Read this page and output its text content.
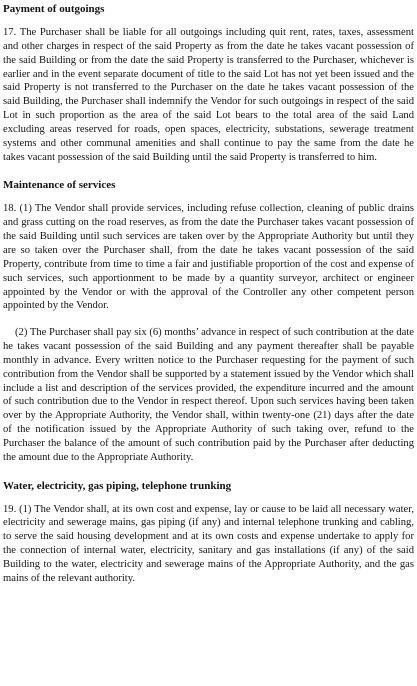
Payment of outgoings

17. The Purchaser shall be liable for all outgoings including quit rent, rates, taxes, assessment and other charges in respect of the said Property as from the date he takes vacant possession of the said Building or from the date the said Property is transferred to the Purchaser, whichever is earlier and in the event separate document of title to the said Lot has not yet been issued and the said Property is not transferred to the Purchaser on the date he takes vacant possession of the said Building, the Purchaser shall indemnify the Vendor for such outgoings in respect of the said Lot in such proportion as the area of the said Lot bears to the total area of the said Land excluding areas reserved for roads, open spaces, electricity, substations, sewerage treatment systems and other communal amenities and shall continue to pay the same from the date he takes vacant possession of the said Building until the said Property is transferred to him.

Maintenance of services

18. (1) The Vendor shall provide services, including refuse collection, cleaning of public drains and grass cutting on the road reserves, as from the date the Purchaser takes vacant possession of the said Building until such services are taken over by the Appropriate Authority but until they are so taken over the Purchaser shall, from the date he takes vacant possession of the said Property, contribute from time to time a fair and justifiable proportion of the cost and expense of such services, such apportionment to be made by a quantity surveyor, architect or engineer appointed by the Vendor or with the approval of the Controller any other competent person appointed by the Vendor.

(2) The Purchaser shall pay six (6) months’ advance in respect of such contribution at the date he takes vacant possession of the said Building and any payment thereafter shall be payable monthly in advance. Every written notice to the Purchaser requesting for the payment of such contribution from the Vendor shall be supported by a statement issued by the Vendor which shall include a list and description of the services provided, the expenditure incurred and the amount of such contribution due to the Vendor in respect thereof. Upon such services having been taken over by the Appropriate Authority, the Vendor shall, within twenty-one (21) days after the date of the notification issued by the Appropriate Authority of such taking over, refund to the Purchaser the balance of the amount of such contribution paid by the Purchaser after deducting the amount due to the Appropriate Authority.

Water, electricity, gas piping, telephone trunking

19. (1) The Vendor shall, at its own cost and expense, lay or cause to be laid all necessary water, electricity and sewerage mains, gas piping (if any) and internal telephone trunking and cabling, to serve the said housing development and at its own costs and expense undertake to apply for the connection of internal water, electricity, sanitary and gas installations (if any) of the said Building to the water, electricity and sewerage mains of the Appropriate Authority, and the gas mains of the relevant authority.
